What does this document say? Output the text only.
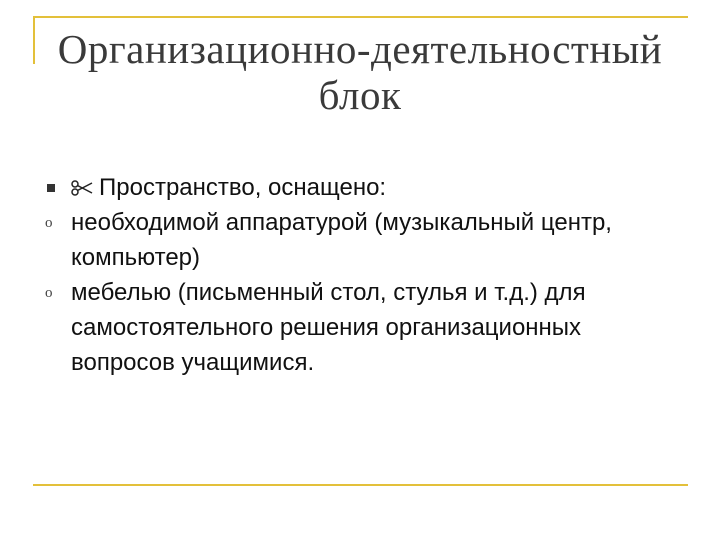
Организационно-деятельностный
блок
Пространство, оснащено:
o необходимой аппаратурой (музыкальный центр, компьютер)
o мебелью (письменный стол, стулья и т.д.) для самостоятельного решения организационных вопросов учащимися.
